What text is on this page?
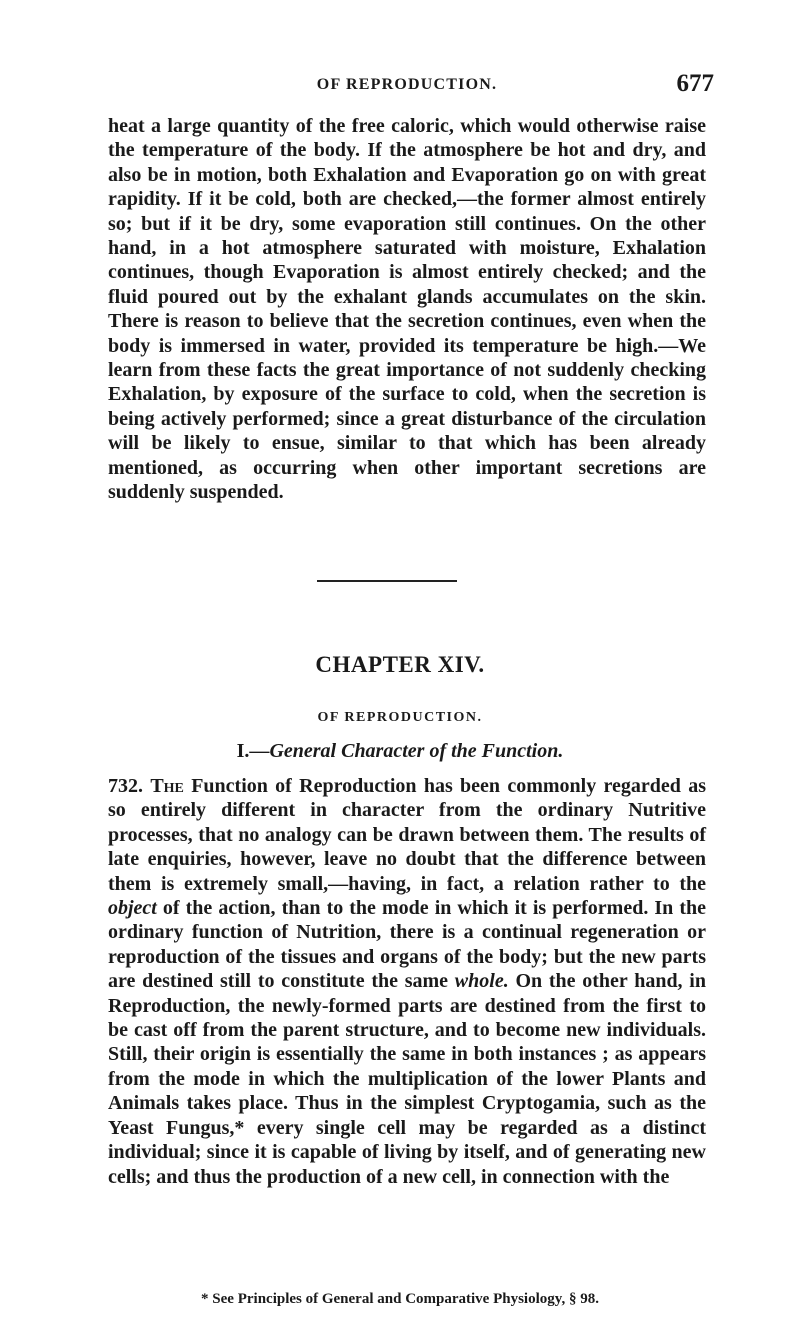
OF REPRODUCTION.	677

heat a large quantity of the free caloric, which would otherwise raise the temperature of the body. If the atmosphere be hot and dry, and also be in motion, both Exhalation and Evaporation go on with great rapidity. If it be cold, both are checked,—the former almost entirely so; but if it be dry, some evaporation still continues. On the other hand, in a hot atmosphere saturated with moisture, Exhalation continues, though Evaporation is almost entirely checked; and the fluid poured out by the exhalant glands accumulates on the skin. There is reason to believe that the secretion continues, even when the body is immersed in water, provided its temperature be high.—We learn from these facts the great importance of not suddenly checking Exhalation, by exposure of the surface to cold, when the secretion is being actively performed; since a great disturbance of the circulation will be likely to ensue, similar to that which has been already mentioned, as occurring when other important secretions are suddenly suspended.

CHAPTER XIV.
OF REPRODUCTION.
I.—General Character of the Function.

732. The Function of Reproduction has been commonly regarded as so entirely different in character from the ordinary Nutritive processes, that no analogy can be drawn between them. The results of late enquiries, however, leave no doubt that the difference between them is extremely small,—having, in fact, a relation rather to the object of the action, than to the mode in which it is performed. In the ordinary function of Nutrition, there is a continual regeneration or reproduction of the tissues and organs of the body; but the new parts are destined still to constitute the same whole. On the other hand, in Reproduction, the newly-formed parts are destined from the first to be cast off from the parent structure, and to become new individuals. Still, their origin is essentially the same in both instances ; as appears from the mode in which the multiplication of the lower Plants and Animals takes place. Thus in the simplest Cryptogamia, such as the Yeast Fungus,* every single cell may be regarded as a distinct individual; since it is capable of living by itself, and of generating new cells; and thus the production of a new cell, in connection with the

* See Principles of General and Comparative Physiology, § 98.
